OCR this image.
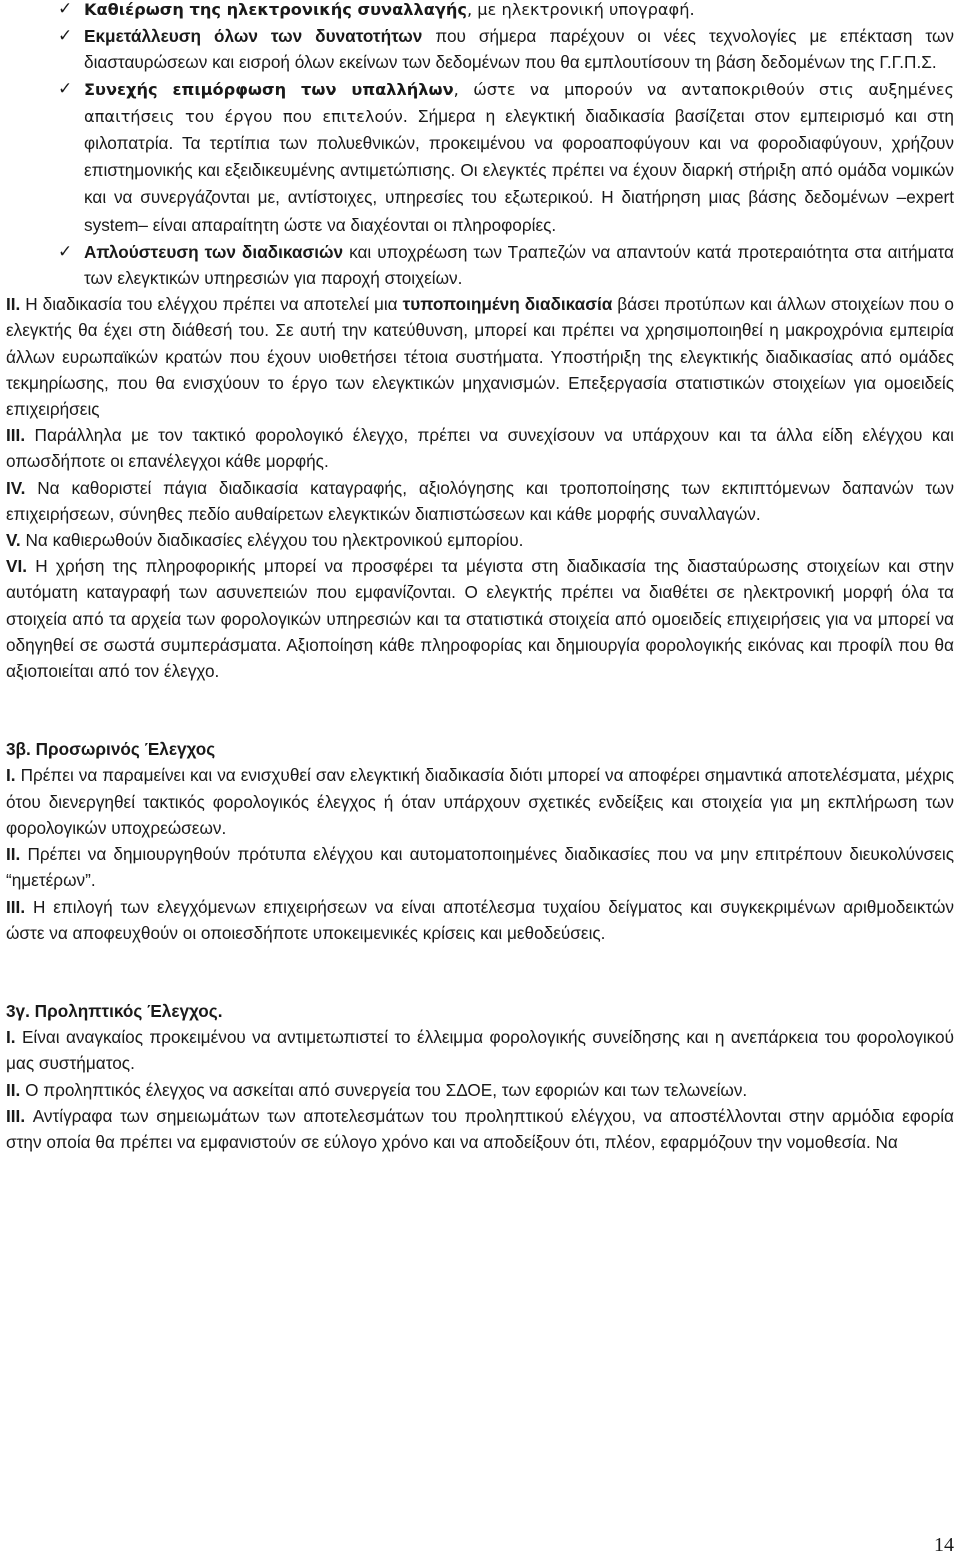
✓ Καθιέρωση της ηλεκτρονικής συναλλαγής, με ηλεκτρονική υπογραφή.
✓ Εκμετάλλευση όλων των δυνατοτήτων που σήμερα παρέχουν οι νέες τεχνολογίες με επέκταση των διασταυρώσεων και εισροή όλων εκείνων των δεδομένων που θα εμπλουτίσουν τη βάση δεδομένων της Γ.Γ.Π.Σ.
✓ Συνεχής επιμόρφωση των υπαλλήλων, ώστε να μπορούν να ανταποκριθούν στις αυξημένες απαιτήσεις του έργου που επιτελούν. Σήμερα η ελεγκτική διαδικασία βασίζεται στον εμπειρισμό και στη φιλοπατρία. Τα τερτίπια των πολυεθνικών, προκειμένου να φοροαποφύγουν και να φοροδιαφύγουν, χρήζουν επιστημονικής και εξειδικευμένης αντιμετώπισης. Οι ελεγκτές πρέπει να έχουν διαρκή στήριξη από ομάδα νομικών και να συνεργάζονται με, αντίστοιχες, υπηρεσίες του εξωτερικού. Η διατήρηση μιας βάσης δεδομένων –expert system– είναι απαραίτητη ώστε να διαχέονται οι πληροφορίες.
✓ Απλούστευση των διαδικασιών και υποχρέωση των Τραπεζών να απαντούν κατά προτεραιότητα στα αιτήματα των ελεγκτικών υπηρεσιών για παροχή στοιχείων.

II. Η διαδικασία του ελέγχου πρέπει να αποτελεί μια τυποποιημένη διαδικασία βάσει προτύπων και άλλων στοιχείων που ο ελεγκτής θα έχει στη διάθεσή του. Σε αυτή την κατεύθυνση, μπορεί και πρέπει να χρησιμοποιηθεί η μακροχρόνια εμπειρία άλλων ευρωπαϊκών κρατών που έχουν υιοθετήσει τέτοια συστήματα. Υποστήριξη της ελεγκτικής διαδικασίας από ομάδες τεκμηρίωσης, που θα ενισχύουν το έργο των ελεγκτικών μηχανισμών. Επεξεργασία στατιστικών στοιχείων για ομοειδείς επιχειρήσεις

III. Παράλληλα με τον τακτικό φορολογικό έλεγχο, πρέπει να συνεχίσουν να υπάρχουν και τα άλλα είδη ελέγχου και οπωσδήποτε οι επανέλεγχοι κάθε μορφής.

IV. Να καθοριστεί πάγια διαδικασία καταγραφής, αξιολόγησης και τροποποίησης των εκπιπτόμενων δαπανών των επιχειρήσεων, σύνηθες πεδίο αυθαίρετων ελεγκτικών διαπιστώσεων και κάθε μορφής συναλλαγών.

V. Να καθιερωθούν διαδικασίες ελέγχου του ηλεκτρονικού εμπορίου.

VI. Η χρήση της πληροφορικής μπορεί να προσφέρει τα μέγιστα στη διαδικασία της διασταύρωσης στοιχείων και στην αυτόματη καταγραφή των ασυνεπειών που εμφανίζονται. Ο ελεγκτής πρέπει να διαθέτει σε ηλεκτρονική μορφή όλα τα στοιχεία από τα αρχεία των φορολογικών υπηρεσιών και τα στατιστικά στοιχεία από ομοειδείς επιχειρήσεις για να μπορεί να οδηγηθεί σε σωστά συμπεράσματα. Αξιοποίηση κάθε πληροφορίας και δημιουργία φορολογικής εικόνας και προφίλ που θα αξιοποιείται από τον έλεγχο.

3β. Προσωρινός Έλεγχος

I. Πρέπει να παραμείνει και να ενισχυθεί σαν ελεγκτική διαδικασία διότι μπορεί να αποφέρει σημαντικά αποτελέσματα, μέχρις ότου διενεργηθεί τακτικός φορολογικός έλεγχος ή όταν υπάρχουν σχετικές ενδείξεις και στοιχεία για μη εκπλήρωση των φορολογικών υποχρεώσεων.

II. Πρέπει να δημιουργηθούν πρότυπα ελέγχου και αυτοματοποιημένες διαδικασίες που να μην επιτρέπουν διευκολύνσεις “ημετέρων”.

III. Η επιλογή των ελεγχόμενων επιχειρήσεων να είναι αποτέλεσμα τυχαίου δείγματος και συγκεκριμένων αριθμοδεικτών ώστε να αποφευχθούν οι οποιεσδήποτε υποκειμενικές κρίσεις και μεθοδεύσεις.

3γ. Προληπτικός Έλεγχος.

I. Είναι αναγκαίος προκειμένου να αντιμετωπιστεί το έλλειμμα φορολογικής συνείδησης και η ανεπάρκεια του φορολογικού μας συστήματος.

II. Ο προληπτικός έλεγχος να ασκείται από συνεργεία του ΣΔΟΕ, των εφοριών και των τελωνείων.

III. Αντίγραφα των σημειωμάτων των αποτελεσμάτων του προληπτικού ελέγχου, να αποστέλλονται στην αρμόδια εφορία στην οποία θα πρέπει να εμφανιστούν σε εύλογο χρόνο και να αποδείξουν ότι, πλέον, εφαρμόζουν την νομοθεσία. Να

14
